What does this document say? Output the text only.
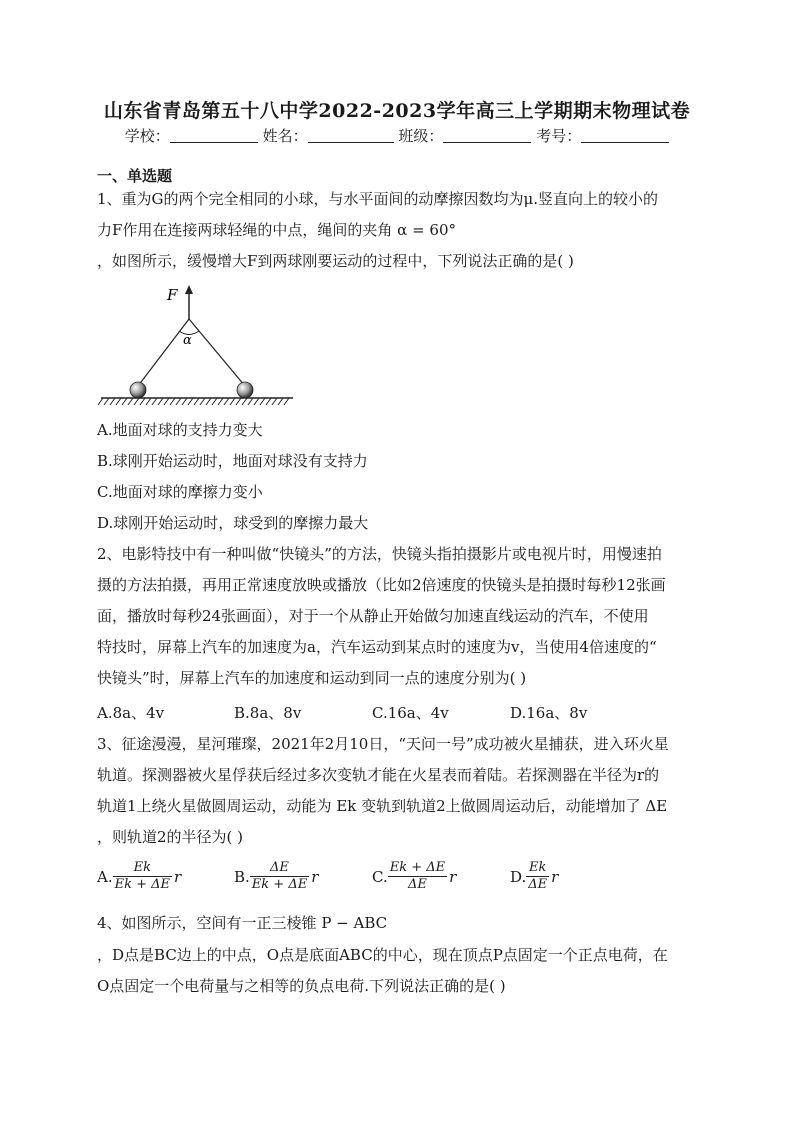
山东省青岛第五十八中学2022-2023学年高三上学期期末物理试卷
学校：	姓名：	班级：	考号：
一、单选题
1、重为G的两个完全相同的小球，与水平面间的动摩擦因数均为μ.竖直向上的较小的
力F作用在连接两球轻绳的中点，绳间的夹角 α = 60°
，如图所示，缓慢增大F到两球刚要运动的过程中，下列说法正确的是( )
F
α
A.地面对球的支持力变大
B.球刚开始运动时，地面对球没有支持力
C.地面对球的摩擦力变小
D.球刚开始运动时，球受到的摩擦力最大
2、电影特技中有一种叫做“快镜头”的方法，快镜头指拍摄影片或电视片时，用慢速拍
摄的方法拍摄，再用正常速度放映或播放（比如2倍速度的快镜头是拍摄时每秒12张画
面，播放时每秒24张画面），对于一个从静止开始做匀加速直线运动的汽车，不使用
特技时，屏幕上汽车的加速度为a，汽车运动到某点时的速度为v，当使用4倍速度的“
快镜头”时，屏幕上汽车的加速度和运动到同一点的速度分别为( )
A.8a、4v	B.8a、8v	C.16a、4v	D.16a、8v
3、征途漫漫，星河璀璨，2021年2月10日，“天问一号”成功被火星捕获，进入环火星
轨道。探测器被火星俘获后经过多次变轨才能在火星表而着陆。若探测器在半径为r的
轨道1上绕火星做圆周运动，动能为 Ek 变轨到轨道2上做圆周运动后，动能增加了 ΔE
，则轨道2的半径为( )
A. $\frac{Ek}{Ek + \Delta E}$ r	B. $\frac{\Delta E}{Ek + \Delta E}$ r	C. $\frac{Ek + \Delta E}{\Delta E}$ r	D. $\frac{Ek}{\Delta E}$ r
4、如图所示，空间有一正三棱锥 P − ABC
，D点是BC边上的中点，O点是底面ABC的中心，现在顶点P点固定一个正点电荷，在
O点固定一个电荷量与之相等的负点电荷.下列说法正确的是( )
